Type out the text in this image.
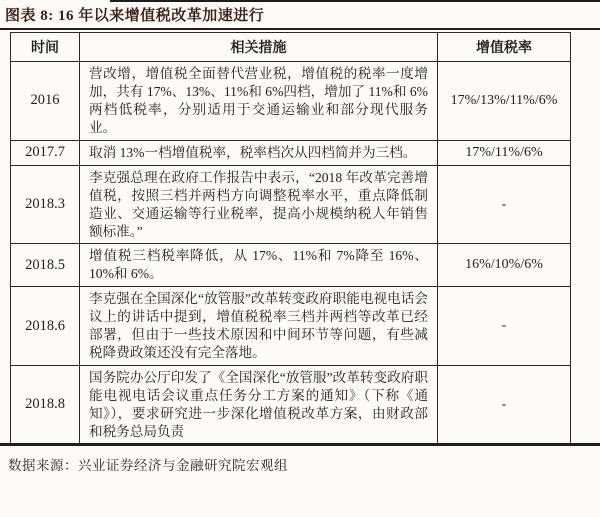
图表 8: 16 年以来增值税改革加速进行
时间	相关措施	增值税率
2016	营改增，增值税全面替代营业税，增值税的税率一度增加，共有 17%、13%、11%和 6%四档，增加了 11%和 6%两档低税率，分别适用于交通运输业和部分现代服务业。	17%/13%/11%/6%
2017.7	取消 13%一档增值税率，税率档次从四档简并为三档。	17%/11%/6%
2018.3	李克强总理在政府工作报告中表示，“2018 年改革完善增值税，按照三档并两档方向调整税率水平，重点降低制造业、交通运输等行业税率，提高小规模纳税人年销售额标准。”	-
2018.5	增值税三档税率降低，从 17%、11%和 7%降至 16%、10%和 6%。	16%/10%/6%
2018.6	李克强在全国深化“放管服”改革转变政府职能电视电话会议上的讲话中提到，增值税税率三档并两档等改革已经部署，但由于一些技术原因和中间环节等问题，有些减税降费政策还没有完全落地。	-
2018.8	国务院办公厅印发了《全国深化“放管服”改革转变政府职能电视电话会议重点任务分工方案的通知》（下称《通知》），要求研究进一步深化增值税改革方案，由财政部和税务总局负责	-
数据来源：兴业证券经济与金融研究院宏观组
